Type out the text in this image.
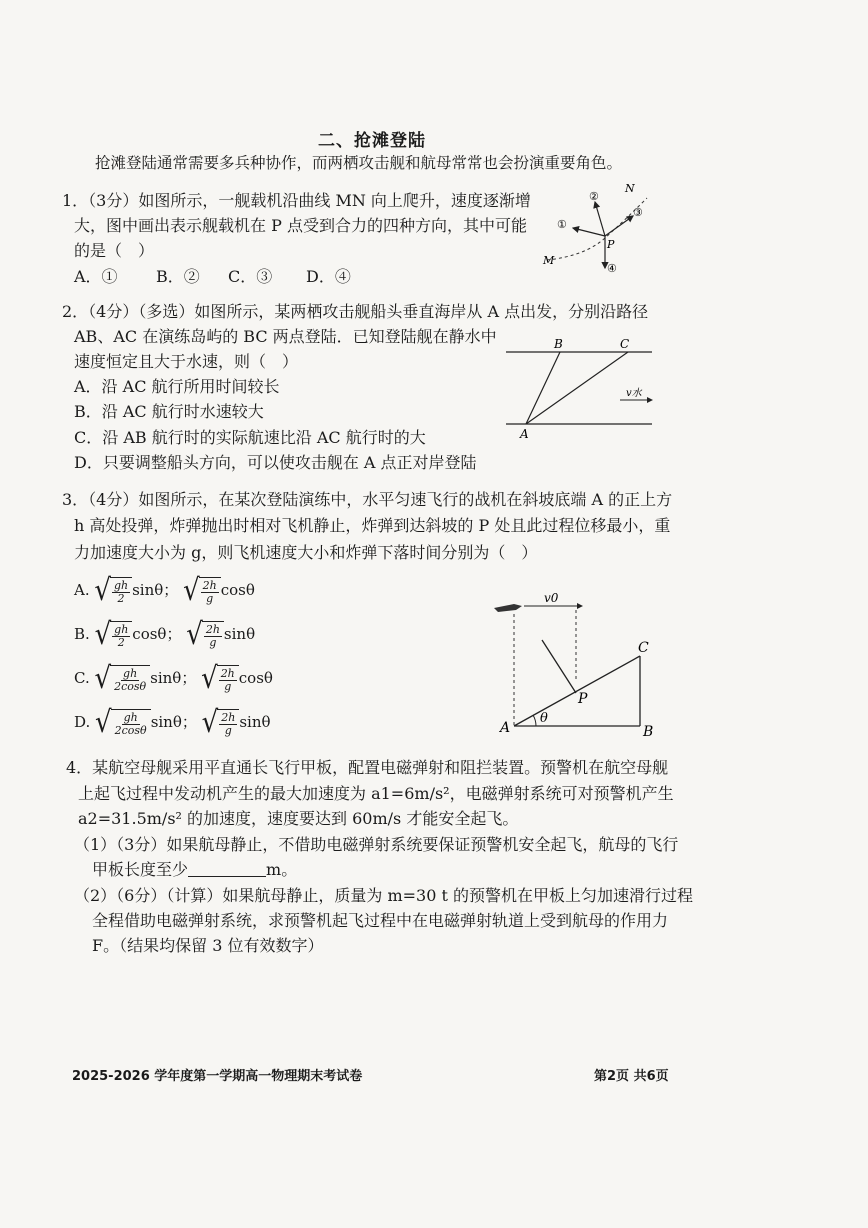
二、抢滩登陆
抢滩登陆通常需要多兵种协作，而两栖攻击舰和航母常常也会扮演重要角色。
1．（3分）如图所示，一舰载机沿曲线 MN 向上爬升，速度逐渐增
大，图中画出表示舰载机在 P 点受到合力的四种方向，其中可能
的是（　）
A．① B．② C．③ D．④
②
N
①
③
P
M
④
2．（4分）（多选）如图所示，某两栖攻击舰船头垂直海岸从 A 点出发，分别沿路径
AB、AC 在演练岛屿的 BC 两点登陆．已知登陆舰在静水中
速度恒定且大于水速，则（　）
A．沿 AC 航行所用时间较长
B．沿 AC 航行时水速较大
C．沿 AB 航行时的实际航速比沿 AC 航行时的大
D．只要调整船头方向，可以使攻击舰在 A 点正对岸登陆
B	C
v水
A
3．（4分）如图所示，在某次登陆演练中，水平匀速飞行的战机在斜坡底端 A 的正上方
h 高处投弹，炸弹抛出时相对飞机静止，炸弹到达斜坡的 P 处且此过程位移最小，重
力加速度大小为 g，则飞机速度大小和炸弹下落时间分别为（　）
A. √ $\frac{gh}{2}$ sinθ； √ $\frac{2h}{g}$ cosθ
B. √ $\frac{gh}{2}$ cosθ； √ $\frac{2h}{g}$ sinθ
C. √ $\frac{gh}{2\cos\theta}$ sinθ； √ $\frac{2h}{g}$ cosθ
D. √ $\frac{gh}{2\cos\theta}$ sinθ； √ $\frac{2h}{g}$ sinθ
v0
C
P
A
θ
B
4．某航空母舰采用平直通长飞行甲板，配置电磁弹射和阻拦装置。预警机在航空母舰
上起飞过程中发动机产生的最大加速度为 a1=6m/s²，电磁弹射系统可对预警机产生
a2=31.5m/s² 的加速度，速度要达到 60m/s 才能安全起飞。
（1）（3分）如果航母静止，不借助电磁弹射系统要保证预警机安全起飞，航母的飞行
甲板长度至少	m。
（2）（6分）（计算）如果航母静止，质量为 m=30 t 的预警机在甲板上匀加速滑行过程
全程借助电磁弹射系统，求预警机起飞过程中在电磁弹射轨道上受到航母的作用力
F。（结果均保留 3 位有效数字）
2025-2026 学年度第一学期高一物理期末考试卷	第2页 共6页
